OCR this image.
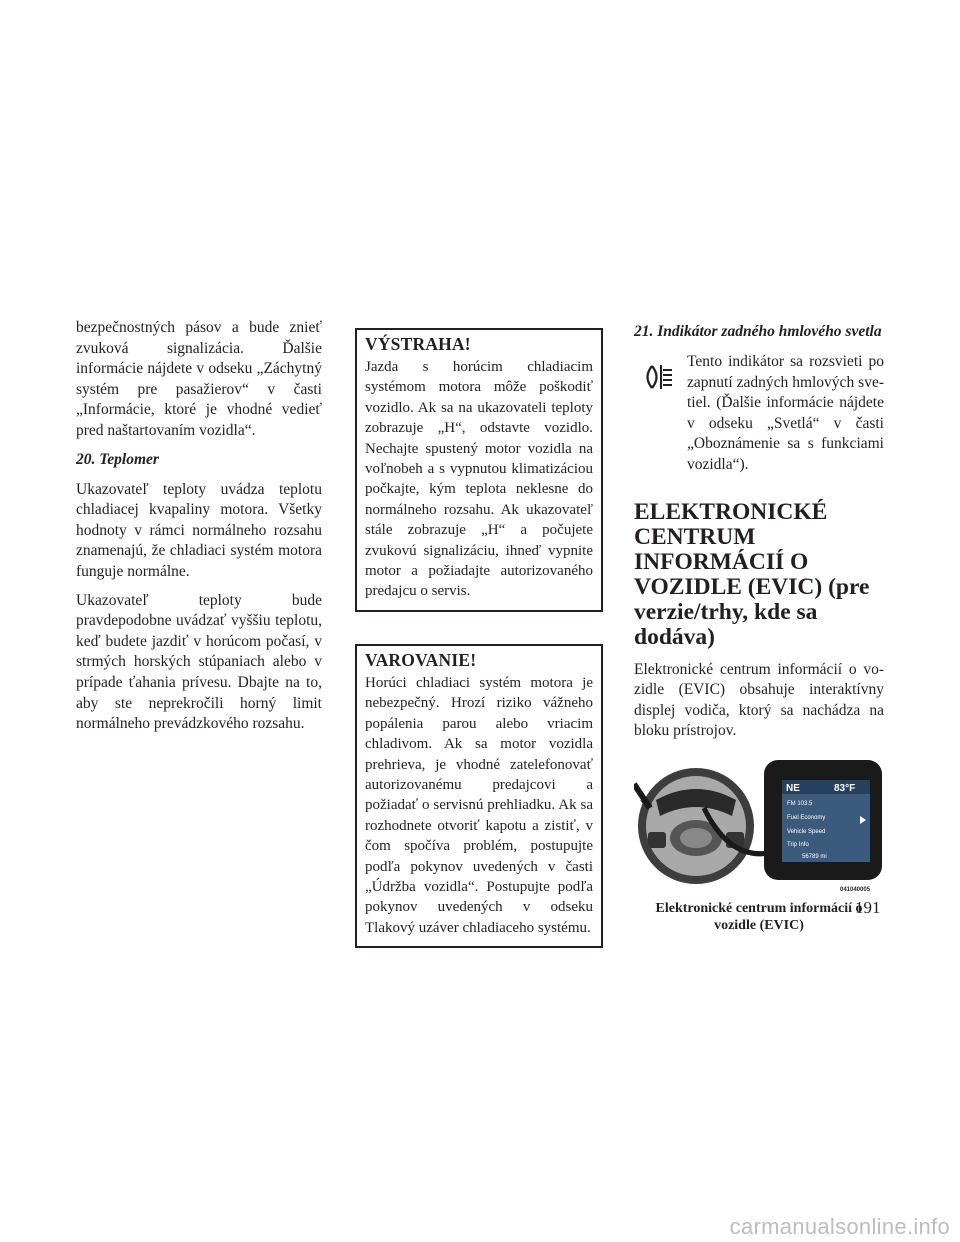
bezpečnostných pásov a bude znieť zvuková signalizácia. Ďalšie informácie nájdete v odseku „Záchytný systém pre pasažierov“ v časti „Informácie, ktoré je vhodné vedieť pred naštartovaním vozidla“.

20. Teplomer

Ukazovateľ teploty uvádza teplotu chladiacej kvapaliny motora. Všetky hodnoty v rámci normálneho rozsahu znamenajú, že chladiaci systém motora funguje normálne.

Ukazovateľ teploty bude pravdepodobne uvádzať vyššiu teplotu, keď budete jazdiť v horúcom počasí, v strmých horských stúpaniach alebo v prípade ťahania prívesu. Dbajte na to, aby ste neprekročili horný limit normálneho prevádzkového rozsahu.

VÝSTRAHA!

Jazda s horúcim chladiacim systémom motora môže poškodiť vozidlo. Ak sa na ukazovateli teploty zobrazuje „H“, odstavte vozidlo. Nechajte spustený motor vozidla na voľnobeh a s vypnutou klimatizáciou počkajte, kým teplota neklesne do normálneho rozsahu. Ak ukazovateľ stále zobrazuje „H“ a počujete zvukovú signalizáciu, ihneď vypnite motor a požiadajte autorizovaného predajcu o servis.

VAROVANIE!

Horúci chladiaci systém motora je nebezpečný. Hrozí riziko vážneho popálenia parou alebo vriacim chladivom. Ak sa motor vozidla prehrieva, je vhodné zatelefonovať autorizovanému predajcovi a požiadať o servisnú prehliadku. Ak sa rozhodnete otvoriť kapotu a zistiť, v čom spočíva problém, postupujte podľa pokynov uvedených v časti „Údržba vozidla“. Postupujte podľa pokynov uvedených v odseku Tlakový uzáver chladiaceho systému.

21. Indikátor zadného hmlového svetla

Tento indikátor sa rozsvieti po zapnutí zadných hmlových svetiel. (Ďalšie informácie nájdete v odseku „Svetlá“ v časti „Oboznámenie sa s funkciami vozidla“).

ELEKTRONICKÉ CENTRUM INFORMÁCIÍ O VOZIDLE (EVIC) (pre verzie/trhy, kde sa dodáva)

Elektronické centrum informácií o vozidle (EVIC) obsahuje interaktívny displej vodiča, ktorý sa nachádza na bloku prístrojov.

NE	83°F
FM 103.5
Fuel Economy
Vehicle Speed
Trip Info
56789 mi
041040005
Elektronické centrum informácií o vozidle (EVIC)
191
carmanualsonline.info
